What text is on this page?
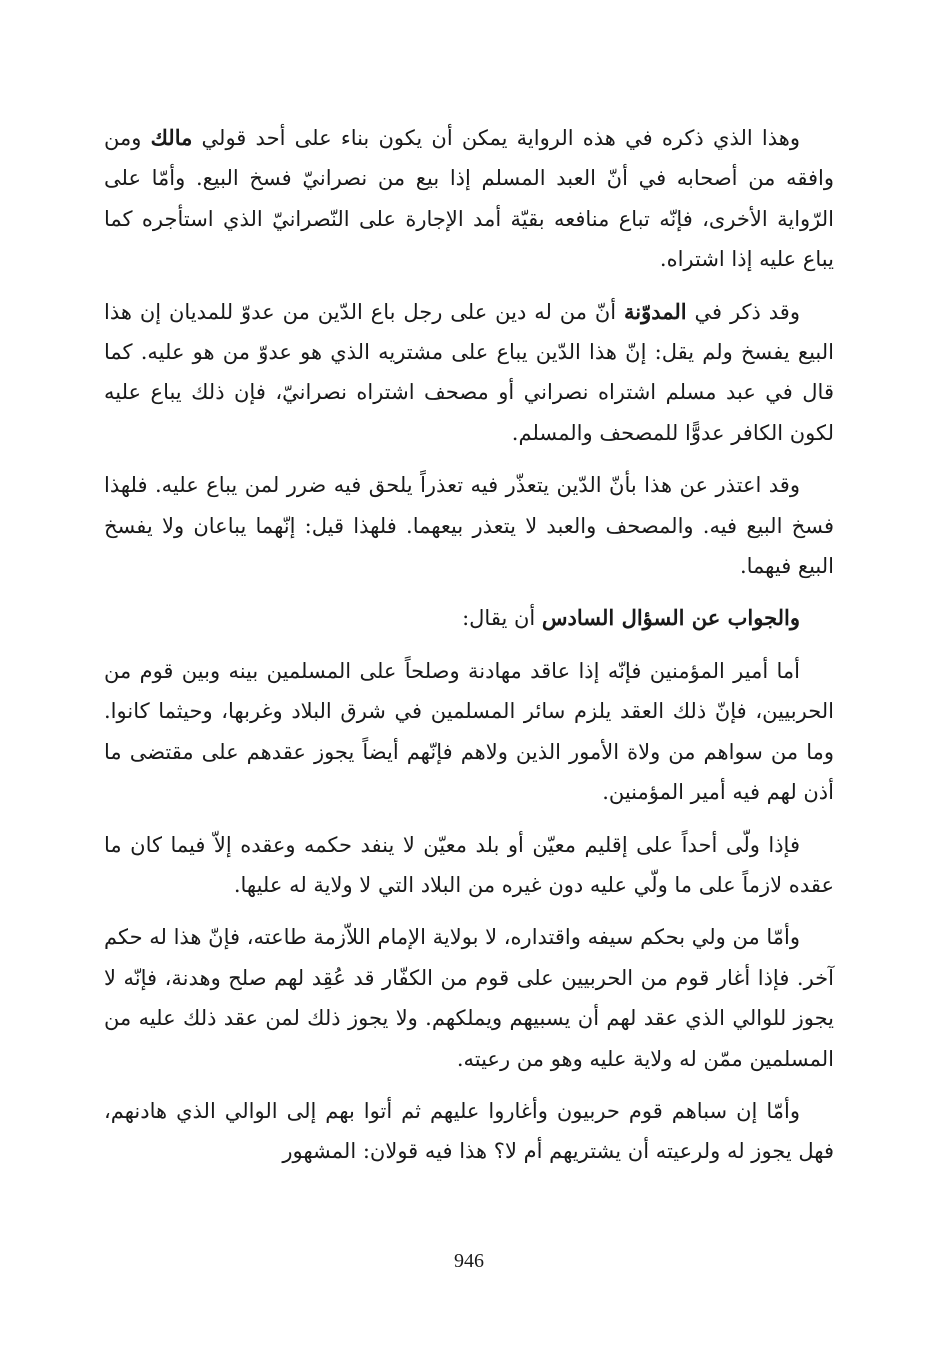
وهذا الذي ذكره في هذه الرواية يمكن أن يكون بناء على أحد قولي مالك ومن وافقه من أصحابه في أنّ العبد المسلم إذا بيع من نصرانيّ فسخ البيع. وأمّا على الرّواية الأخرى، فإنّه تباع منافعه بقيّة أمد الإجارة على النّصرانيّ الذي استأجره كما يباع عليه إذا اشتراه.

وقد ذكر في المدوّنة أنّ من له دين على رجل باع الدّين من عدوّ للمديان إن هذا البيع يفسخ ولم يقل: إنّ هذا الدّين يباع على مشتريه الذي هو عدوّ من هو عليه. كما قال في عبد مسلم اشتراه نصراني أو مصحف اشتراه نصرانيّ، فإن ذلك يباع عليه لكون الكافر عدوًّا للمصحف والمسلم.

وقد اعتذر عن هذا بأنّ الدّين يتعذّر فيه تعذراً يلحق فيه ضرر لمن يباع عليه. فلهذا فسخ البيع فيه. والمصحف والعبد لا يتعذر بيعهما. فلهذا قيل: إنّهما يباعان ولا يفسخ البيع فيهما.

والجواب عن السؤال السادس أن يقال:

أما أمير المؤمنين فإنّه إذا عاقد مهادنة وصلحاً على المسلمين بينه وبين قوم من الحربيين، فإنّ ذلك العقد يلزم سائر المسلمين في شرق البلاد وغربها، وحيثما كانوا. وما من سواهم من ولاة الأمور الذين ولاهم فإنّهم أيضاً يجوز عقدهم على مقتضى ما أذن لهم فيه أمير المؤمنين.

فإذا ولّى أحداً على إقليم معيّن أو بلد معيّن لا ينفد حكمه وعقده إلاّ فيما كان ما عقده لازماً على ما ولّي عليه دون غيره من البلاد التي لا ولاية له عليها.

وأمّا من ولي بحكم سيفه واقتداره، لا بولاية الإمام اللاّزمة طاعته، فإنّ هذا له حكم آخر. فإذا أغار قوم من الحربيين على قوم من الكفّار قد عُقِد لهم صلح وهدنة، فإنّه لا يجوز للوالي الذي عقد لهم أن يسبيهم ويملكهم. ولا يجوز ذلك لمن عقد ذلك عليه من المسلمين ممّن له ولاية عليه وهو من رعيته.

وأمّا إن سباهم قوم حربيون وأغاروا عليهم ثم أتوا بهم إلى الوالي الذي هادنهم، فهل يجوز له ولرعيته أن يشتريهم أم لا؟ هذا فيه قولان: المشهور

946
